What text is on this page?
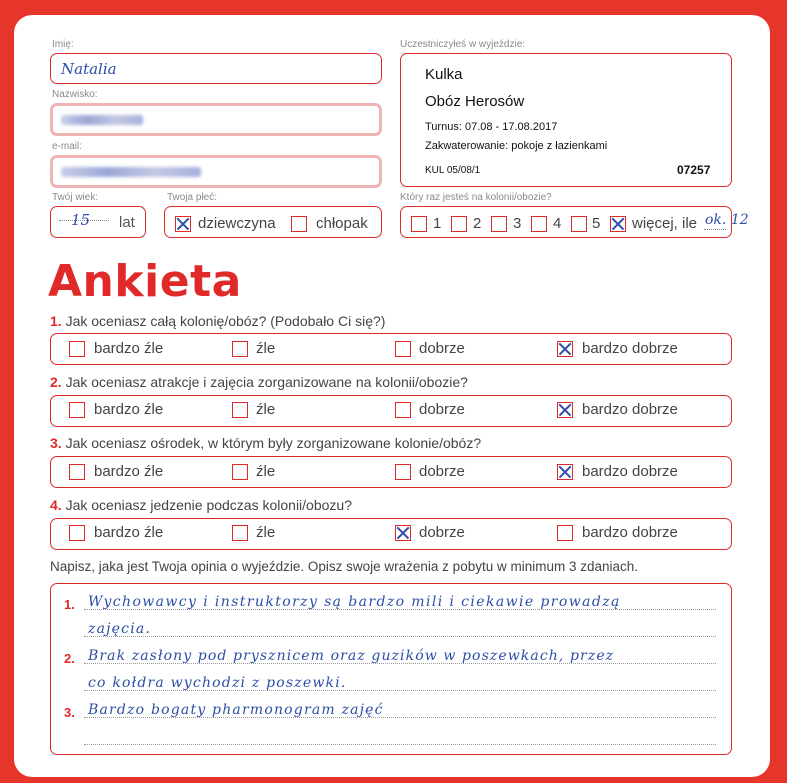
Imię:
Natalia
Nazwisko:
e-mail:
Twój wiek:
15 lat
Twoja płeć:
dziewczyna	chłopak
Uczestniczyłeś w wyjeździe:
Kulka
Obóz Herosów
Turnus: 07.08 - 17.08.2017
Zakwaterowanie: pokoje z łazienkami
KUL 05/08/1	07257
Który raz jesteś na kolonii/obozie?
1 2 3 4 5 więcej, ile ok. 12
Ankieta
1. Jak oceniasz całą kolonię/obóz? (Podobało Ci się?)
bardzo źle	źle	dobrze	bardzo dobrze
2. Jak oceniasz atrakcje i zajęcia zorganizowane na kolonii/obozie?
bardzo źle	źle	dobrze	bardzo dobrze
3. Jak oceniasz ośrodek, w którym były zorganizowane kolonie/obóz?
bardzo źle	źle	dobrze	bardzo dobrze
4. Jak oceniasz jedzenie podczas kolonii/obozu?
bardzo źle	źle	dobrze	bardzo dobrze
Napisz, jaka jest Twoja opinia o wyjeździe. Opisz swoje wrażenia z pobytu w minimum 3 zdaniach.
1.
2.
3.
Wychowawcy i instruktorzy są bardzo mili i ciekawie prowadzą
zajęcia.
Brak zasłony pod prysznicem oraz guzików w poszewkach, przez
co kołdra wychodzi z poszewki.
Bardzo bogaty pharmonogram zajęć
